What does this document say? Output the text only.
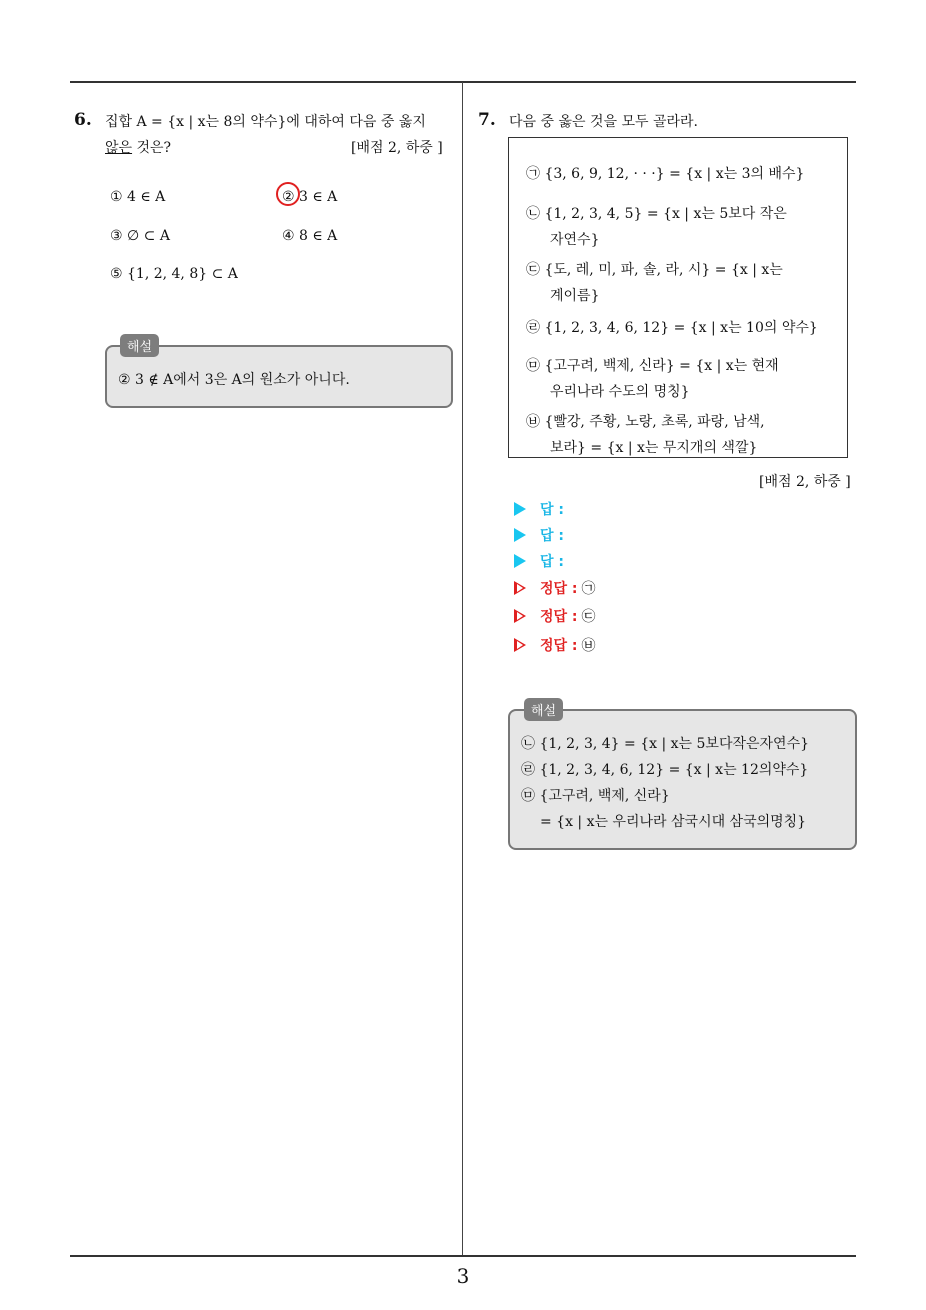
6. 집합 A = {x | x는 8의 약수}에 대하여 다음 중 옳지
않은 것은?	[배점 2, 하중 ]
① 4 ∈ A	② 3 ∈ A
③ ∅ ⊂ A	④ 8 ∈ A
⑤ {1, 2, 4, 8} ⊂ A
해설
② 3 ∉ A에서 3은 A의 원소가 아니다.
7. 다음 중 옳은 것을 모두 골라라.
㉠ {3, 6, 9, 12, · · ·} = {x | x는 3의 배수}
㉡ {1, 2, 3, 4, 5} = {x | x는 5보다 작은
자연수}
㉢ {도, 레, 미, 파, 솔, 라, 시} = {x | x는
계이름}
㉣ {1, 2, 3, 4, 6, 12} = {x | x는 10의 약수}
㉤ {고구려, 백제, 신라} = {x | x는 현재
우리나라 수도의 명칭}
㉥ {빨강, 주황, 노랑, 초록, 파랑, 남색,
보라} = {x | x는 무지개의 색깔}
[배점 2, 하중 ]
답 :
답 :
답 :
정답 : ㉠
정답 : ㉢
정답 : ㉥
해설
㉡ {1, 2, 3, 4} = {x | x는 5보다작은자연수}
㉣ {1, 2, 3, 4, 6, 12} = {x | x는 12의약수}
㉤ {고구려, 백제, 신라}
= {x | x는 우리나라 삼국시대 삼국의명칭}
3
